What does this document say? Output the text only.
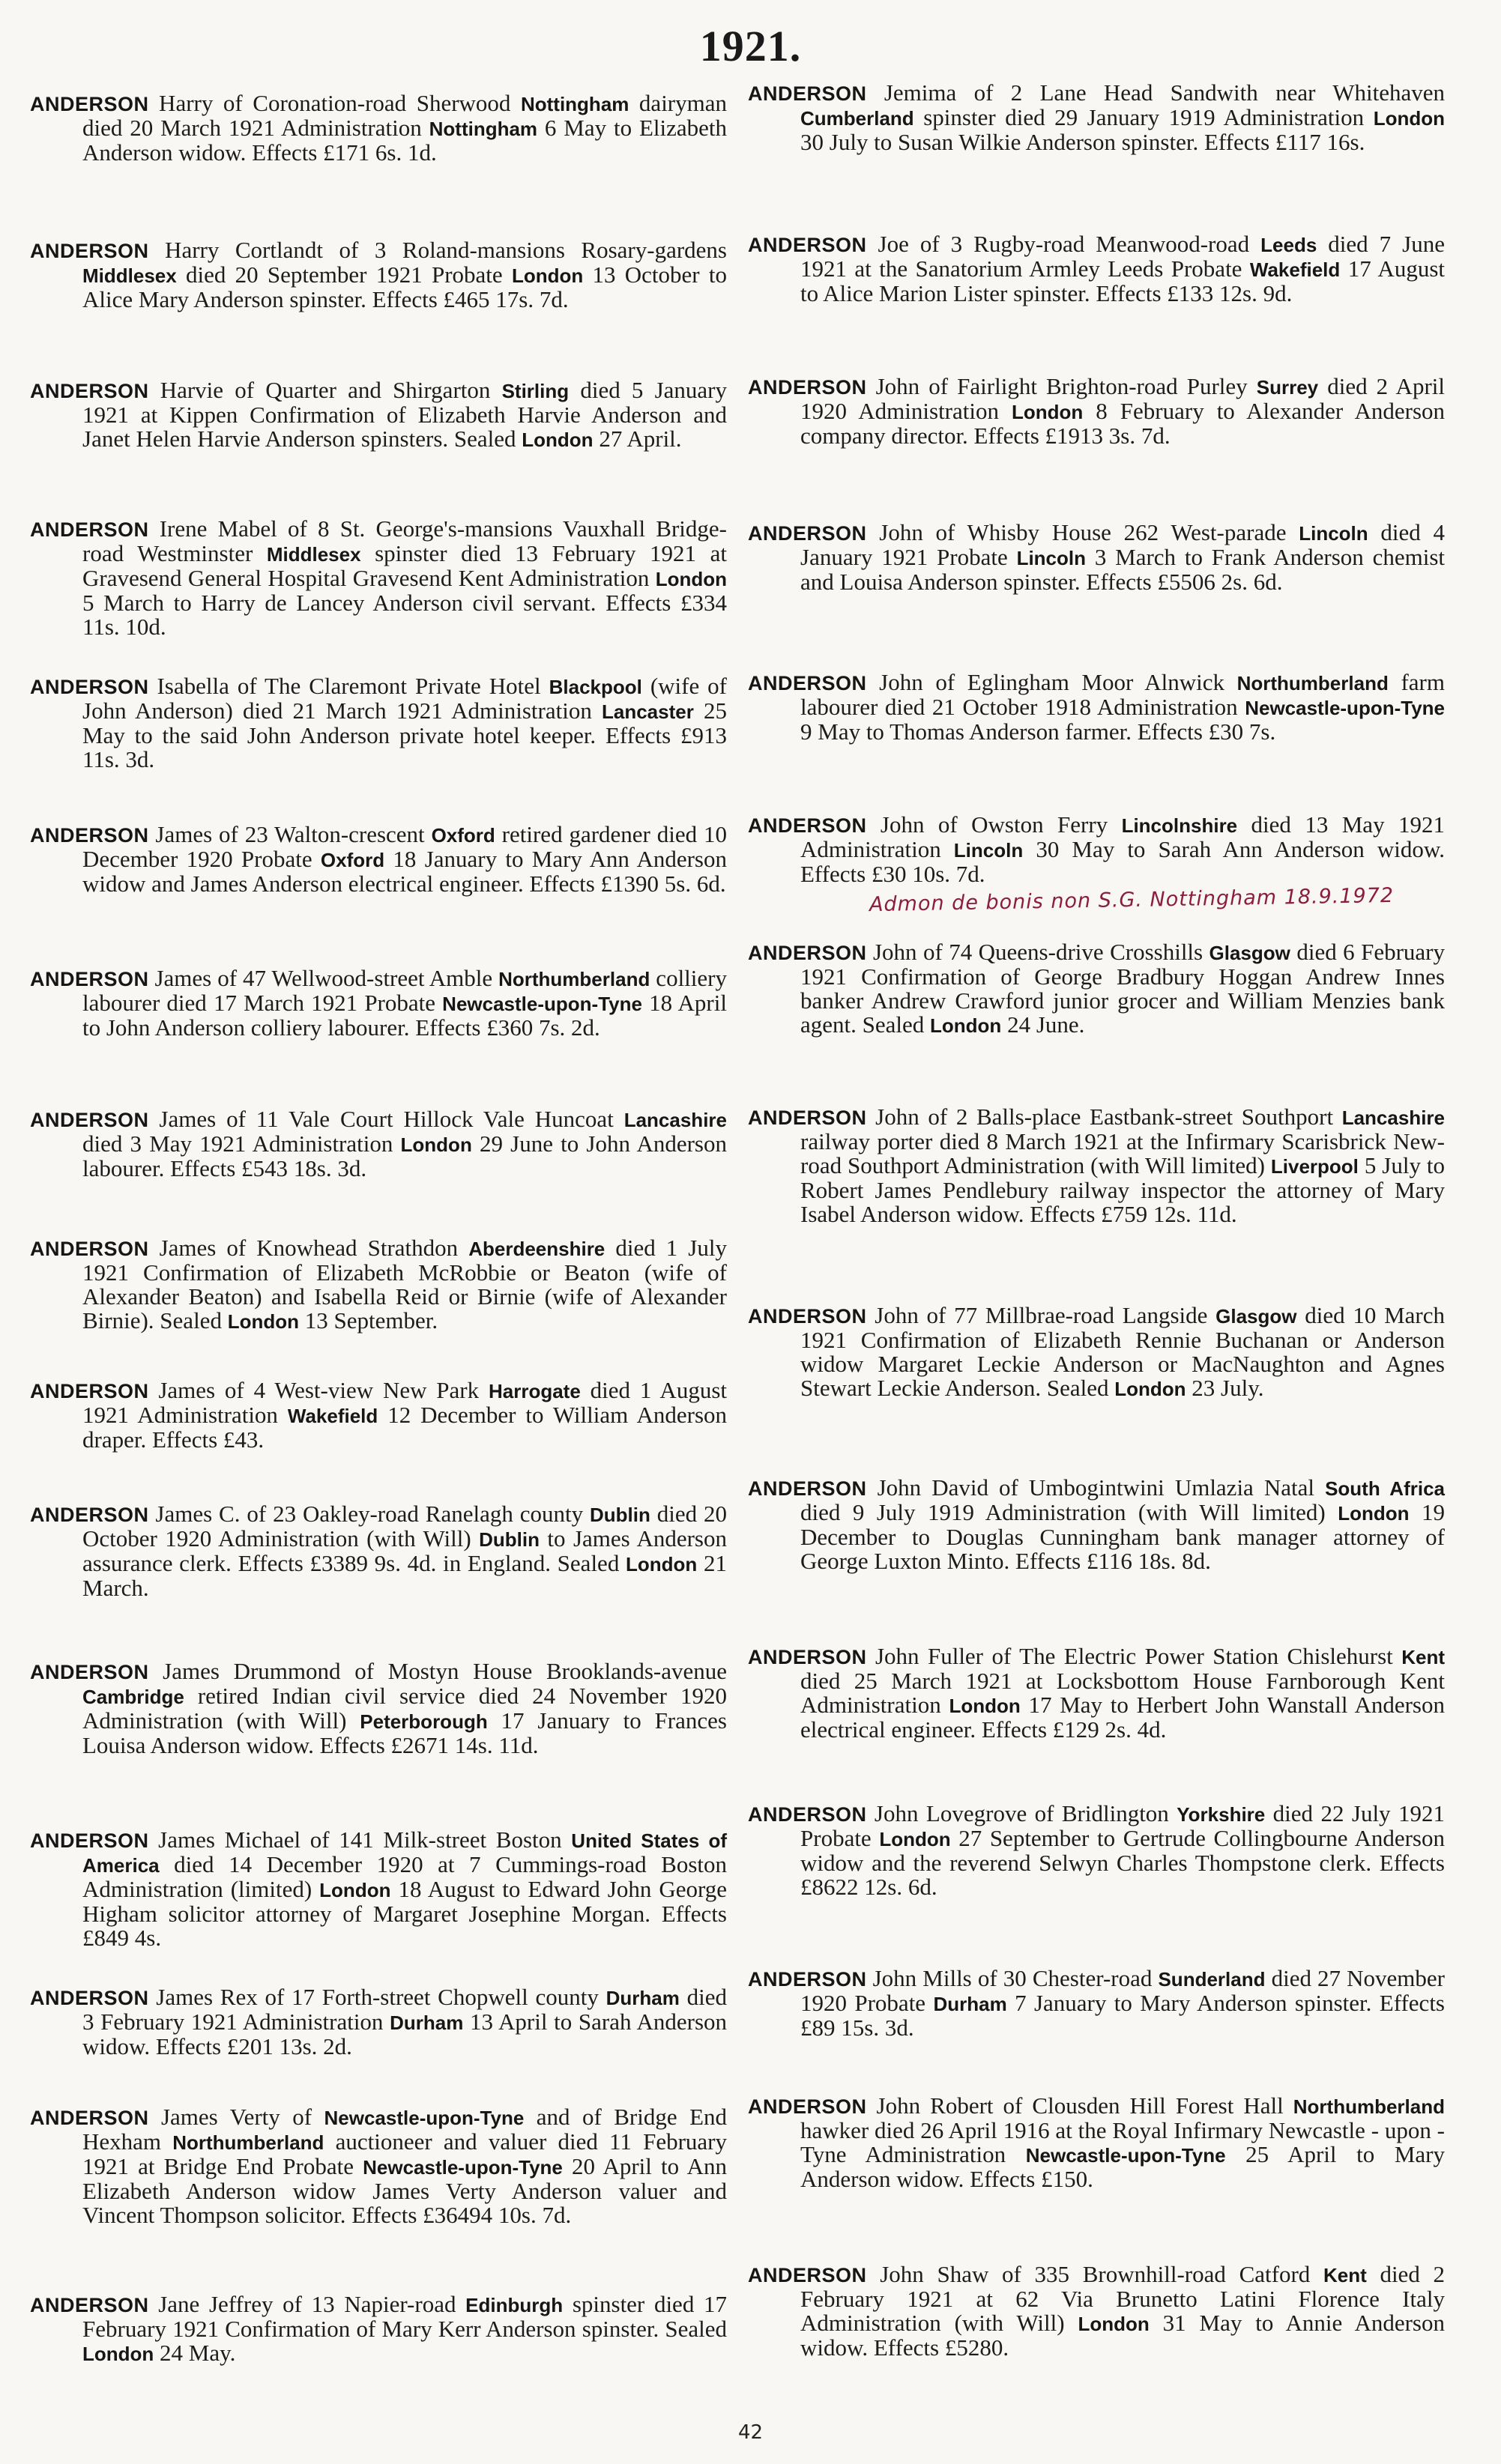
1921.
ANDERSON Harry of Coronation-road Sherwood Nottingham dairyman died 20 March 1921 Administration Nottingham 6 May to Elizabeth Anderson widow. Effects £171 6s. 1d.
ANDERSON Harry Cortlandt of 3 Roland-mansions Rosary-gardens Middlesex died 20 September 1921 Probate London 13 October to Alice Mary Anderson spinster. Effects £465 17s. 7d.
ANDERSON Harvie of Quarter and Shirgarton Stirling died 5 January 1921 at Kippen Confirmation of Elizabeth Harvie Anderson and Janet Helen Harvie Anderson spinsters. Sealed London 27 April.
ANDERSON Irene Mabel of 8 St. George's-mansions Vauxhall Bridge-road Westminster Middlesex spinster died 13 February 1921 at Gravesend General Hospital Gravesend Kent Administration London 5 March to Harry de Lancey Anderson civil servant. Effects £334 11s. 10d.
ANDERSON Isabella of The Claremont Private Hotel Blackpool (wife of John Anderson) died 21 March 1921 Administration Lancaster 25 May to the said John Anderson private hotel keeper. Effects £913 11s. 3d.
ANDERSON James of 23 Walton-crescent Oxford retired gardener died 10 December 1920 Probate Oxford 18 January to Mary Ann Anderson widow and James Anderson electrical engineer. Effects £1390 5s. 6d.
ANDERSON James of 47 Wellwood-street Amble Northumberland colliery labourer died 17 March 1921 Probate Newcastle-upon-Tyne 18 April to John Anderson colliery labourer. Effects £360 7s. 2d.
ANDERSON James of 11 Vale Court Hillock Vale Huncoat Lancashire died 3 May 1921 Administration London 29 June to John Anderson labourer. Effects £543 18s. 3d.
ANDERSON James of Knowhead Strathdon Aberdeenshire died 1 July 1921 Confirmation of Elizabeth McRobbie or Beaton (wife of Alexander Beaton) and Isabella Reid or Birnie (wife of Alexander Birnie). Sealed London 13 September.
ANDERSON James of 4 West-view New Park Harrogate died 1 August 1921 Administration Wakefield 12 December to William Anderson draper. Effects £43.
ANDERSON James C. of 23 Oakley-road Ranelagh county Dublin died 20 October 1920 Administration (with Will) Dublin to James Anderson assurance clerk. Effects £3389 9s. 4d. in England. Sealed London 21 March.
ANDERSON James Drummond of Mostyn House Brooklands-avenue Cambridge retired Indian civil service died 24 November 1920 Administration (with Will) Peterborough 17 January to Frances Louisa Anderson widow. Effects £2671 14s. 11d.
ANDERSON James Michael of 141 Milk-street Boston United States of America died 14 December 1920 at 7 Cummings-road Boston Administration (limited) London 18 August to Edward John George Higham solicitor attorney of Margaret Josephine Morgan. Effects £849 4s.
ANDERSON James Rex of 17 Forth-street Chopwell county Durham died 3 February 1921 Administration Durham 13 April to Sarah Anderson widow. Effects £201 13s. 2d.
ANDERSON James Verty of Newcastle-upon-Tyne and of Bridge End Hexham Northumberland auctioneer and valuer died 11 February 1921 at Bridge End Probate Newcastle-upon-Tyne 20 April to Ann Elizabeth Anderson widow James Verty Anderson valuer and Vincent Thompson solicitor. Effects £36494 10s. 7d.
ANDERSON Jane Jeffrey of 13 Napier-road Edinburgh spinster died 17 February 1921 Confirmation of Mary Kerr Anderson spinster. Sealed London 24 May.
ANDERSON Jemima of 2 Lane Head Sandwith near Whitehaven Cumberland spinster died 29 January 1919 Administration London 30 July to Susan Wilkie Anderson spinster. Effects £117 16s.
ANDERSON Joe of 3 Rugby-road Meanwood-road Leeds died 7 June 1921 at the Sanatorium Armley Leeds Probate Wakefield 17 August to Alice Marion Lister spinster. Effects £133 12s. 9d.
ANDERSON John of Fairlight Brighton-road Purley Surrey died 2 April 1920 Administration London 8 February to Alexander Anderson company director. Effects £1913 3s. 7d.
ANDERSON John of Whisby House 262 West-parade Lincoln died 4 January 1921 Probate Lincoln 3 March to Frank Anderson chemist and Louisa Anderson spinster. Effects £5506 2s. 6d.
ANDERSON John of Eglingham Moor Alnwick Northumberland farm labourer died 21 October 1918 Administration Newcastle-upon-Tyne 9 May to Thomas Anderson farmer. Effects £30 7s.
ANDERSON John of Owston Ferry Lincolnshire died 13 May 1921 Administration Lincoln 30 May to Sarah Ann Anderson widow. Effects £30 10s. 7d.
ANDERSON John of 74 Queens-drive Crosshills Glasgow died 6 February 1921 Confirmation of George Bradbury Hoggan Andrew Innes banker Andrew Crawford junior grocer and William Menzies bank agent. Sealed London 24 June.
ANDERSON John of 2 Balls-place Eastbank-street Southport Lancashire railway porter died 8 March 1921 at the Infirmary Scarisbrick New-road Southport Administration (with Will limited) Liverpool 5 July to Robert James Pendlebury railway inspector the attorney of Mary Isabel Anderson widow. Effects £759 12s. 11d.
ANDERSON John of 77 Millbrae-road Langside Glasgow died 10 March 1921 Confirmation of Elizabeth Rennie Buchanan or Anderson widow Margaret Leckie Anderson or MacNaughton and Agnes Stewart Leckie Anderson. Sealed London 23 July.
ANDERSON John David of Umbogintwini Umlazia Natal South Africa died 9 July 1919 Administration (with Will limited) London 19 December to Douglas Cunningham bank manager attorney of George Luxton Minto. Effects £116 18s. 8d.
ANDERSON John Fuller of The Electric Power Station Chislehurst Kent died 25 March 1921 at Locksbottom House Farnborough Kent Administration London 17 May to Herbert John Wanstall Anderson electrical engineer. Effects £129 2s. 4d.
ANDERSON John Lovegrove of Bridlington Yorkshire died 22 July 1921 Probate London 27 September to Gertrude Collingbourne Anderson widow and the reverend Selwyn Charles Thompstone clerk. Effects £8622 12s. 6d.
ANDERSON John Mills of 30 Chester-road Sunderland died 27 November 1920 Probate Durham 7 January to Mary Anderson spinster. Effects £89 15s. 3d.
ANDERSON John Robert of Clousden Hill Forest Hall Northumberland hawker died 26 April 1916 at the Royal Infirmary Newcastle - upon - Tyne Administration Newcastle-upon-Tyne 25 April to Mary Anderson widow. Effects £150.
ANDERSON John Shaw of 335 Brownhill-road Catford Kent died 2 February 1921 at 62 Via Brunetto Latini Florence Italy Administration (with Will) London 31 May to Annie Anderson widow. Effects £5280.
Admon de bonis non S.G. Nottingham 18.9.1972
42
